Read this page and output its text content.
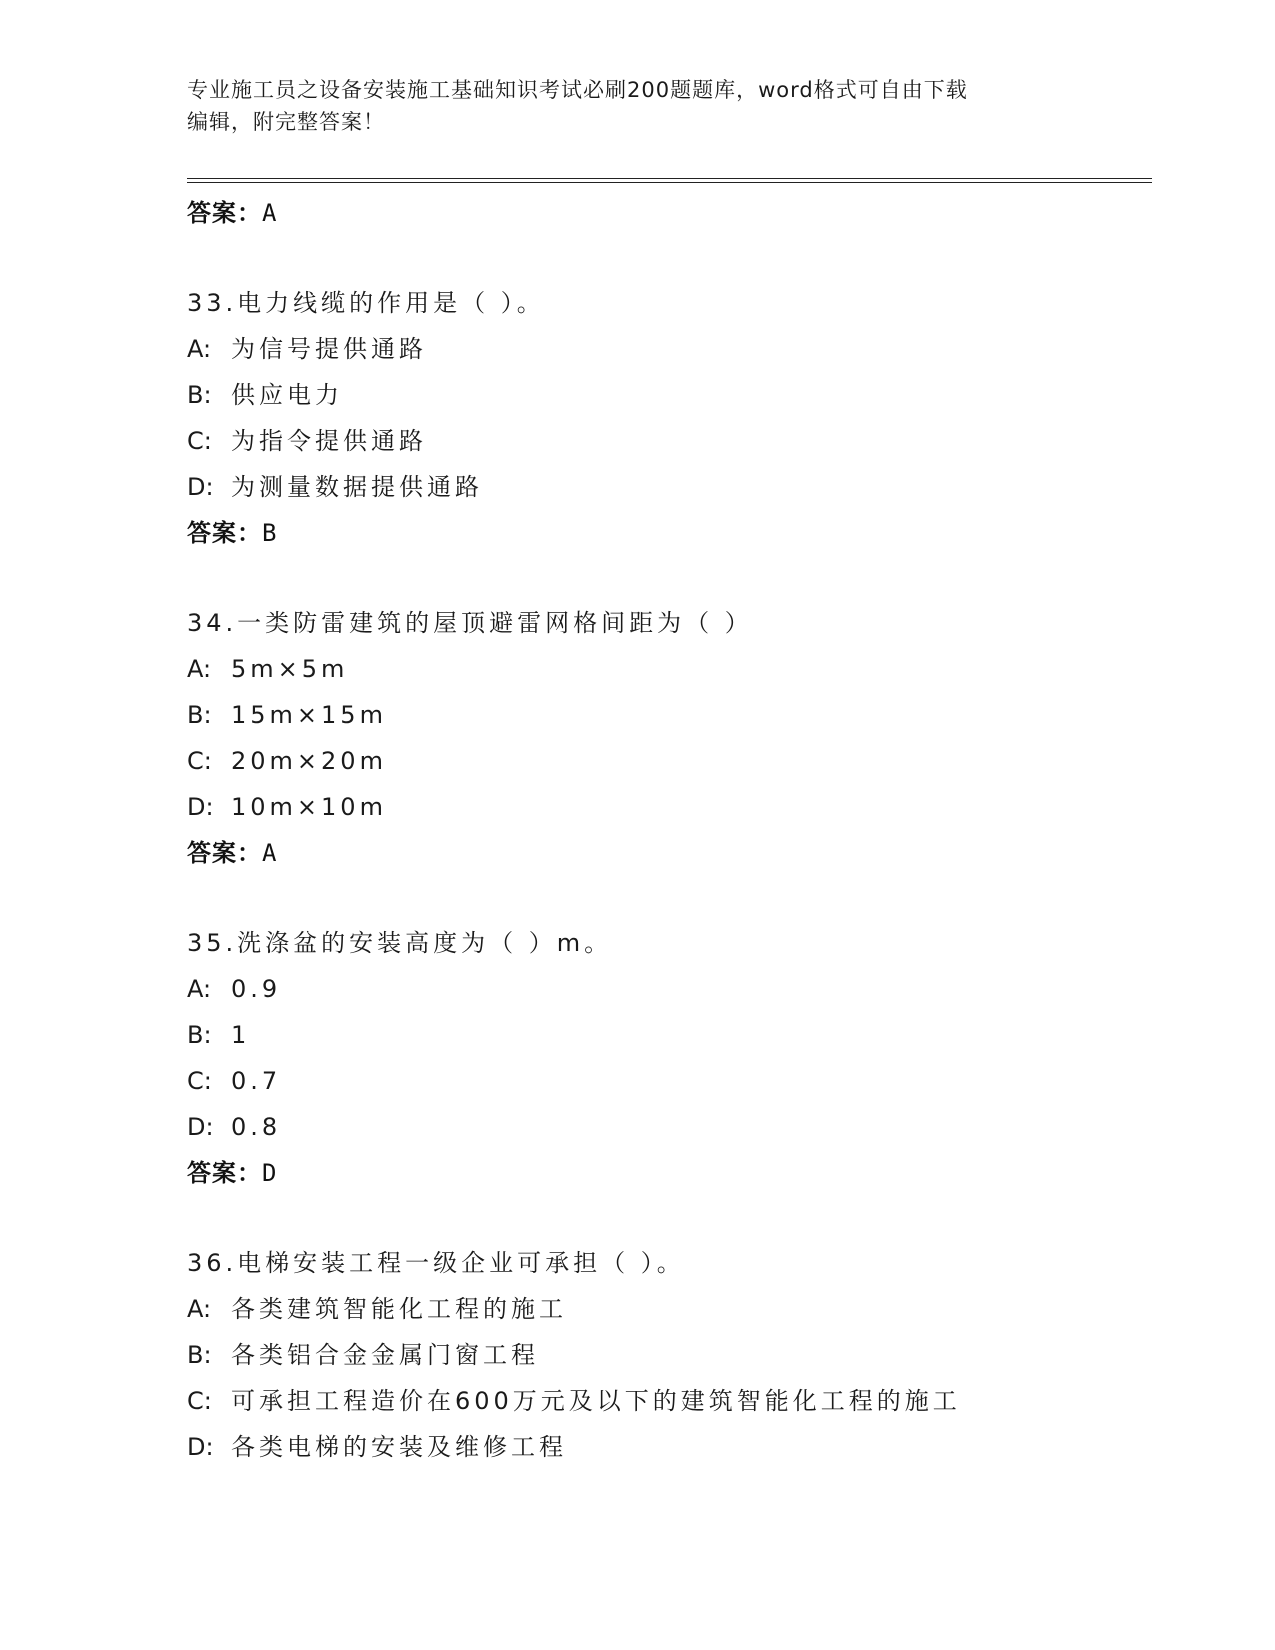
专业施工员之设备安装施工基础知识考试必刷200题题库，word格式可自由下载
编辑，附完整答案！
答案：A
33.电力线缆的作用是（ ）。
A: 为信号提供通路
B: 供应电力
C: 为指令提供通路
D: 为测量数据提供通路
答案：B
34.一类防雷建筑的屋顶避雷网格间距为（ ）
A: 5m×5m
B: 15m×15m
C: 20m×20m
D: 10m×10m
答案：A
35.洗涤盆的安装高度为（ ）m。
A: 0.9
B: 1
C: 0.7
D: 0.8
答案：D
36.电梯安装工程一级企业可承担（ ）。
A: 各类建筑智能化工程的施工
B: 各类铝合金金属门窗工程
C: 可承担工程造价在600万元及以下的建筑智能化工程的施工
D: 各类电梯的安装及维修工程
